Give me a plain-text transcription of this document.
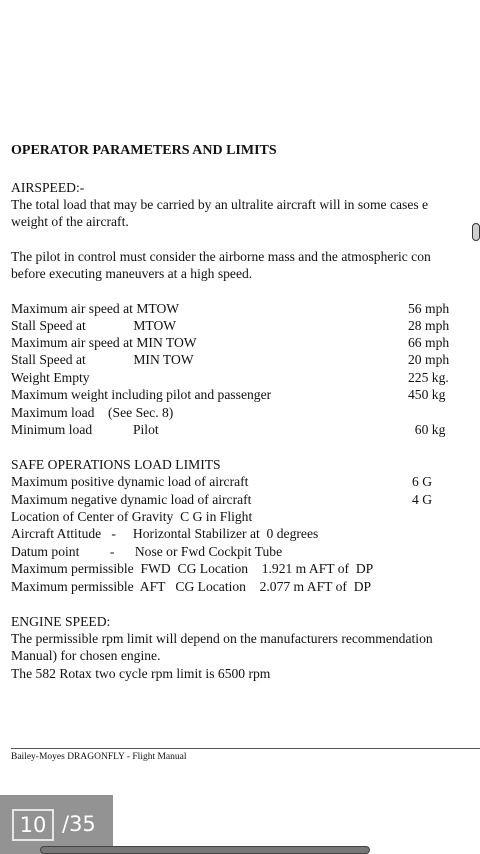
OPERATOR PARAMETERS AND LIMITS
AIRSPEED:-
The total load that may be carried by an ultralite aircraft will in some cases e
weight of the aircraft.
The pilot in control must consider the airborne mass and the atmospheric con
before executing maneuvers at a high speed.
Maximum air speed at MTOW	56 mph
Stall Speed at              MTOW	28 mph
Maximum air speed at MIN TOW	66 mph
Stall Speed at              MIN TOW	20 mph
Weight Empty	225 kg.
Maximum weight including pilot and passenger	450 kg
Maximum load    (See Sec. 8)
Minimum load            Pilot	60 kg
SAFE OPERATIONS LOAD LIMITS
Maximum positive dynamic load of aircraft	6 G
Maximum negative dynamic load of aircraft	4 G
Location of Center of Gravity  C G in Flight
Aircraft Attitude   -     Horizontal Stabilizer at  0 degrees
Datum point         -      Nose or Fwd Cockpit Tube
Maximum permissible  FWD  CG Location    1.921 m AFT of  DP
Maximum permissible  AFT   CG Location    2.077 m AFT of  DP
ENGINE SPEED:
The permissible rpm limit will depend on the manufacturers recommendation
Manual) for chosen engine.
The 582 Rotax two cycle rpm limit is 6500 rpm
Bailey-Moyes DRAGONFLY - Flight Manual
10 /35
